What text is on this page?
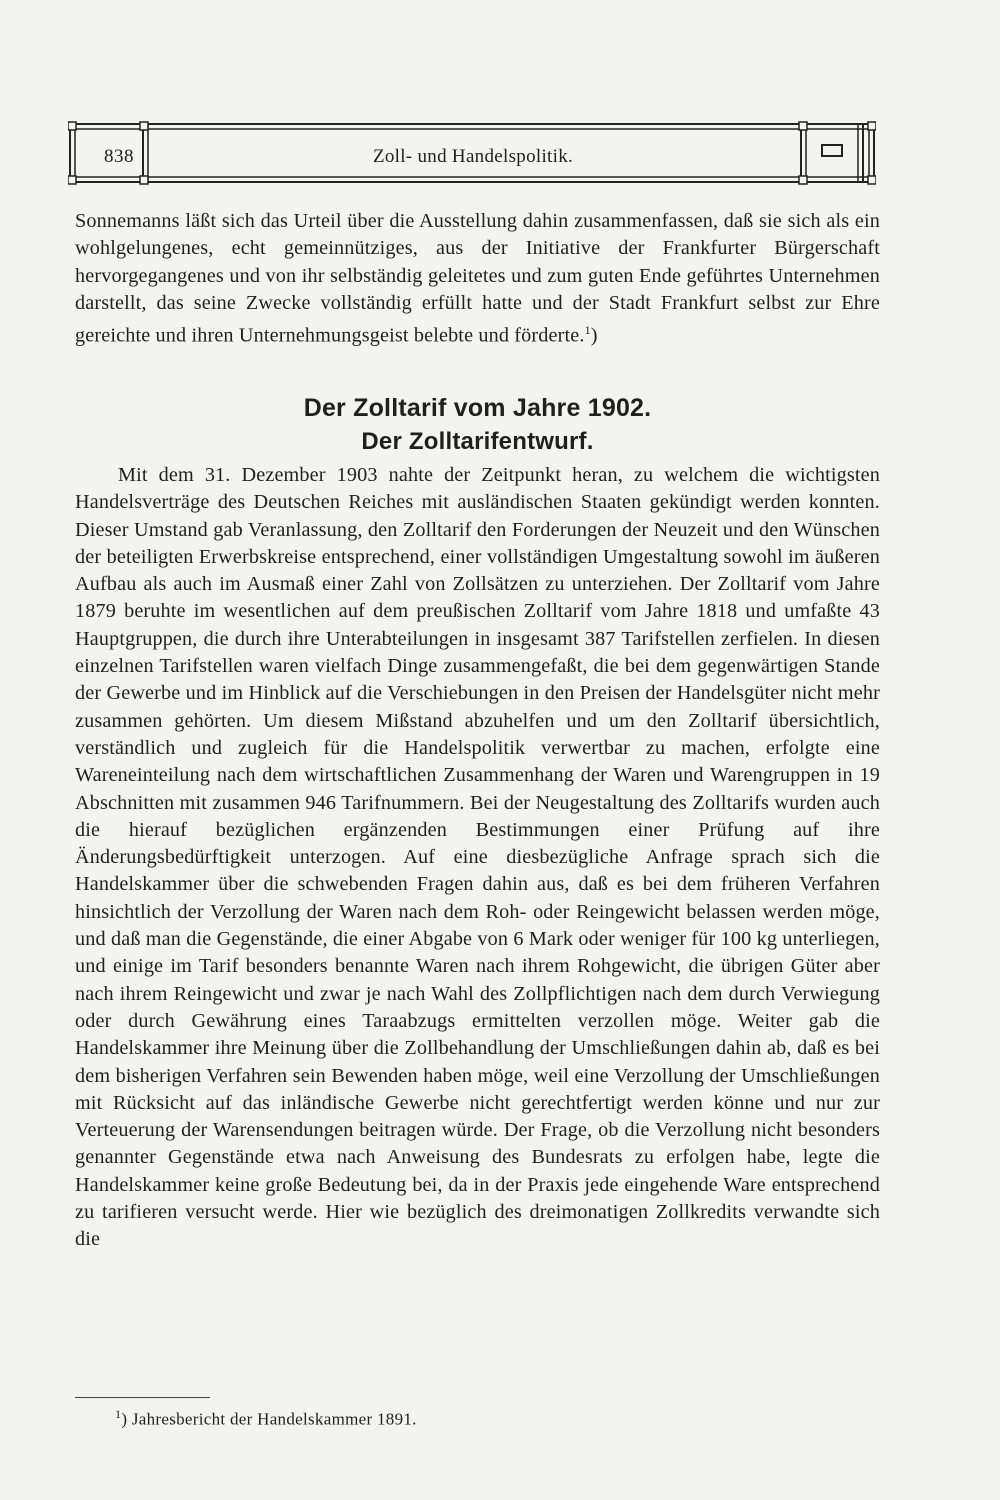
838	Zoll- und Handelspolitik.

Sonnemanns läßt sich das Urteil über die Ausstellung dahin zusammenfassen, daß sie sich als ein wohlgelungenes, echt gemeinnütziges, aus der Initiative der Frankfurter Bürgerschaft hervorgegangenes und von ihr selbständig geleitetes und zum guten Ende geführtes Unternehmen darstellt, das seine Zwecke vollständig erfüllt hatte und der Stadt Frankfurt selbst zur Ehre gereichte und ihren Unternehmungsgeist belebte und förderte.$^1$)

Der Zolltarif vom Jahre 1902.
Der Zolltarifentwurf.

Mit dem 31. Dezember 1903 nahte der Zeitpunkt heran, zu welchem die wichtigsten Handelsverträge des Deutschen Reiches mit ausländischen Staaten gekündigt werden konnten. Dieser Umstand gab Veranlassung, den Zolltarif den Forderungen der Neuzeit und den Wünschen der beteiligten Erwerbskreise entsprechend, einer vollständigen Umgestaltung sowohl im äußeren Aufbau als auch im Ausmaß einer Zahl von Zollsätzen zu unterziehen. Der Zolltarif vom Jahre 1879 beruhte im wesentlichen auf dem preußischen Zolltarif vom Jahre 1818 und umfaßte 43 Hauptgruppen, die durch ihre Unterabteilungen in insgesamt 387 Tarifstellen zerfielen. In diesen einzelnen Tarifstellen waren vielfach Dinge zusammengefaßt, die bei dem gegenwärtigen Stande der Gewerbe und im Hinblick auf die Verschiebungen in den Preisen der Handelsgüter nicht mehr zusammen gehörten. Um diesem Mißstand abzuhelfen und um den Zolltarif übersichtlich, verständlich und zugleich für die Handelspolitik verwertbar zu machen, erfolgte eine Wareneinteilung nach dem wirtschaftlichen Zusammenhang der Waren und Warengruppen in 19 Abschnitten mit zusammen 946 Tarifnummern. Bei der Neugestaltung des Zolltarifs wurden auch die hierauf bezüglichen ergänzenden Bestimmungen einer Prüfung auf ihre Änderungsbedürftigkeit unterzogen. Auf eine diesbezügliche Anfrage sprach sich die Handelskammer über die schwebenden Fragen dahin aus, daß es bei dem früheren Verfahren hinsichtlich der Verzollung der Waren nach dem Roh- oder Reingewicht belassen werden möge, und daß man die Gegenstände, die einer Abgabe von 6 Mark oder weniger für 100 kg unterliegen, und einige im Tarif besonders benannte Waren nach ihrem Rohgewicht, die übrigen Güter aber nach ihrem Reingewicht und zwar je nach Wahl des Zollpflichtigen nach dem durch Verwiegung oder durch Gewährung eines Taraabzugs ermittelten verzollen möge. Weiter gab die Handelskammer ihre Meinung über die Zollbehandlung der Umschließungen dahin ab, daß es bei dem bisherigen Verfahren sein Bewenden haben möge, weil eine Verzollung der Umschließungen mit Rücksicht auf das inländische Gewerbe nicht gerechtfertigt werden könne und nur zur Verteuerung der Warensendungen beitragen würde. Der Frage, ob die Verzollung nicht besonders genannter Gegenstände etwa nach Anweisung des Bundesrats zu erfolgen habe, legte die Handelskammer keine große Bedeutung bei, da in der Praxis jede eingehende Ware entsprechend zu tarifieren versucht werde. Hier wie bezüglich des dreimonatigen Zollkredits verwandte sich die

$^1$) Jahresbericht der Handelskammer 1891.
